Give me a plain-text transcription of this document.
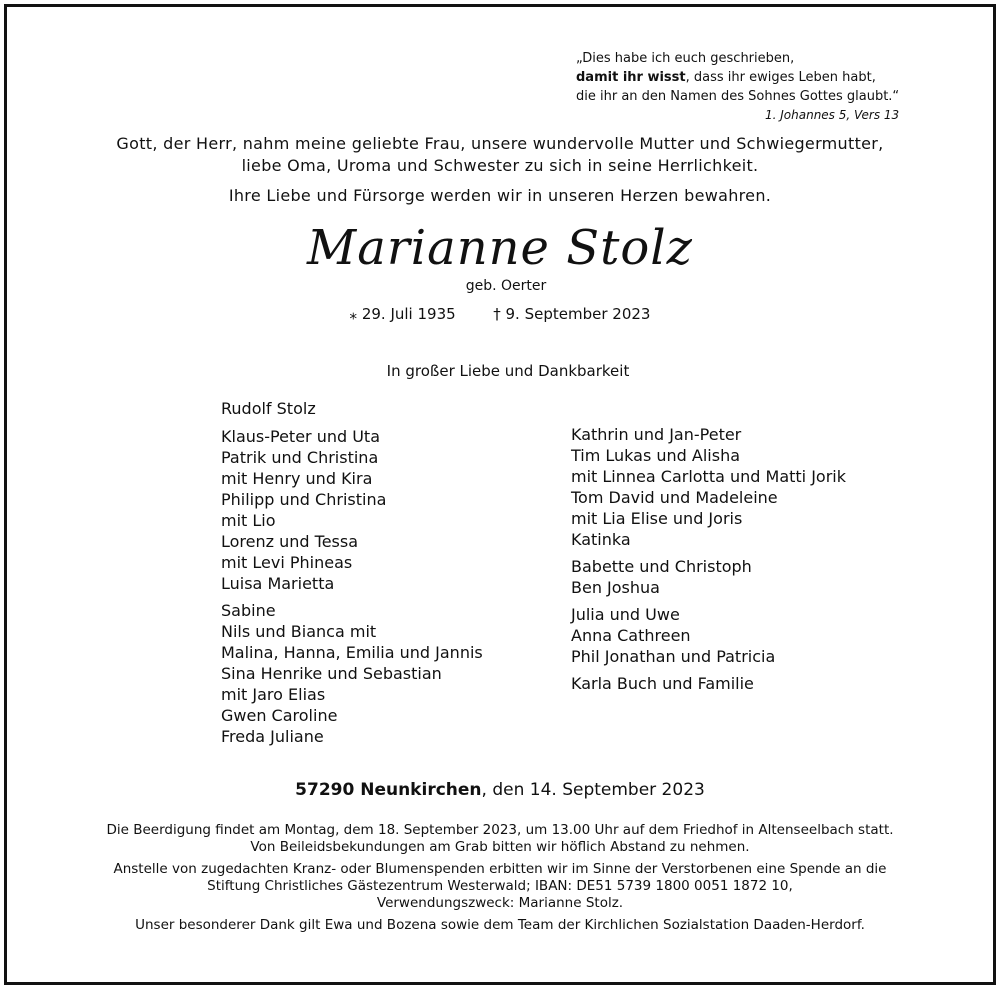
„Dies habe ich euch geschrieben,
damit ihr wisst, dass ihr ewiges Leben habt,
die ihr an den Namen des Sohnes Gottes glaubt.“
1. Johannes 5, Vers 13
Gott, der Herr, nahm meine geliebte Frau, unsere wundervolle Mutter und Schwiegermutter,
liebe Oma, Uroma und Schwester zu sich in seine Herrlichkeit.
Ihre Liebe und Fürsorge werden wir in unseren Herzen bewahren.
Marianne Stolz
geb. Oerter
⁎ 29. Juli 1935	† 9. September 2023
In großer Liebe und Dankbarkeit
Rudolf Stolz
Klaus-Peter und Uta
Patrik und Christina
mit Henry und Kira
Philipp und Christina
mit Lio
Lorenz und Tessa
mit Levi Phineas
Luisa Marietta
Sabine
Nils und Bianca mit
Malina, Hanna, Emilia und Jannis
Sina Henrike und Sebastian
mit Jaro Elias
Gwen Caroline
Freda Juliane
Kathrin und Jan-Peter
Tim Lukas und Alisha
mit Linnea Carlotta und Matti Jorik
Tom David und Madeleine
mit Lia Elise und Joris
Katinka
Babette und Christoph
Ben Joshua
Julia und Uwe
Anna Cathreen
Phil Jonathan und Patricia
Karla Buch und Familie
57290 Neunkirchen, den 14. September 2023

Die Beerdigung findet am Montag, dem 18. September 2023, um 13.00 Uhr auf dem Friedhof in Altenseelbach statt.
Von Beileidsbekundungen am Grab bitten wir höflich Abstand zu nehmen.

Anstelle von zugedachten Kranz- oder Blumenspenden erbitten wir im Sinne der Verstorbenen eine Spende an die
Stiftung Christliches Gästezentrum Westerwald; IBAN: DE51 5739 1800 0051 1872 10,
Verwendungszweck: Marianne Stolz.

Unser besonderer Dank gilt Ewa und Bozena sowie dem Team der Kirchlichen Sozialstation Daaden-Herdorf.
